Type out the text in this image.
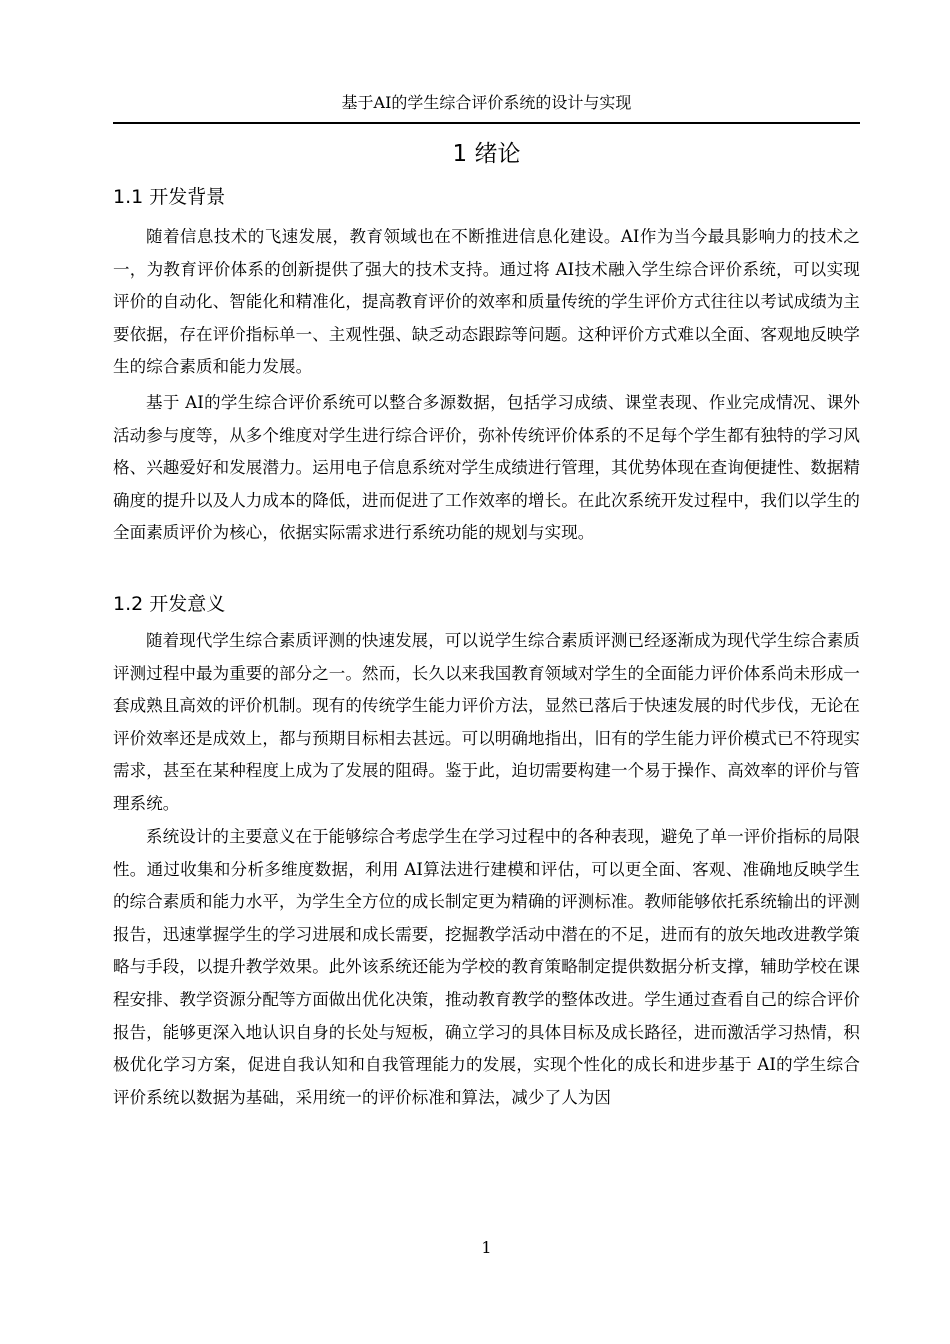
基于AI的学生综合评价系统的设计与实现
1 绪论
1.1 开发背景

随着信息技术的飞速发展，教育领域也在不断推进信息化建设。AI作为当今最具影响力的技术之一，为教育评价体系的创新提供了强大的技术支持。通过将 AI技术融入学生综合评价系统，可以实现评价的自动化、智能化和精准化，提高教育评价的效率和质量传统的学生评价方式往往以考试成绩为主要依据，存在评价指标单一、主观性强、缺乏动态跟踪等问题。这种评价方式难以全面、客观地反映学生的综合素质和能力发展。

基于 AI的学生综合评价系统可以整合多源数据，包括学习成绩、课堂表现、作业完成情况、课外活动参与度等，从多个维度对学生进行综合评价，弥补传统评价体系的不足每个学生都有独特的学习风格、兴趣爱好和发展潜力。运用电子信息系统对学生成绩进行管理，其优势体现在查询便捷性、数据精确度的提升以及人力成本的降低，进而促进了工作效率的增长。在此次系统开发过程中，我们以学生的全面素质评价为核心，依据实际需求进行系统功能的规划与实现。

1.2 开发意义

随着现代学生综合素质评测的快速发展，可以说学生综合素质评测已经逐渐成为现代学生综合素质评测过程中最为重要的部分之一。然而，长久以来我国教育领域对学生的全面能力评价体系尚未形成一套成熟且高效的评价机制。现有的传统学生能力评价方法，显然已落后于快速发展的时代步伐，无论在评价效率还是成效上，都与预期目标相去甚远。可以明确地指出，旧有的学生能力评价模式已不符现实需求，甚至在某种程度上成为了发展的阻碍。鉴于此，迫切需要构建一个易于操作、高效率的评价与管理系统。

系统设计的主要意义在于能够综合考虑学生在学习过程中的各种表现，避免了单一评价指标的局限性。通过收集和分析多维度数据，利用 AI算法进行建模和评估，可以更全面、客观、准确地反映学生的综合素质和能力水平，为学生全方位的成长制定更为精确的评测标准。教师能够依托系统输出的评测报告，迅速掌握学生的学习进展和成长需要，挖掘教学活动中潜在的不足，进而有的放矢地改进教学策略与手段，以提升教学效果。此外该系统还能为学校的教育策略制定提供数据分析支撑，辅助学校在课程安排、教学资源分配等方面做出优化决策，推动教育教学的整体改进。学生通过查看自己的综合评价报告，能够更深入地认识自身的长处与短板，确立学习的具体目标及成长路径，进而激活学习热情，积极优化学习方案，促进自我认知和自我管理能力的发展，实现个性化的成长和进步基于 AI的学生综合评价系统以数据为基础，采用统一的评价标准和算法，减少了人为因

1
